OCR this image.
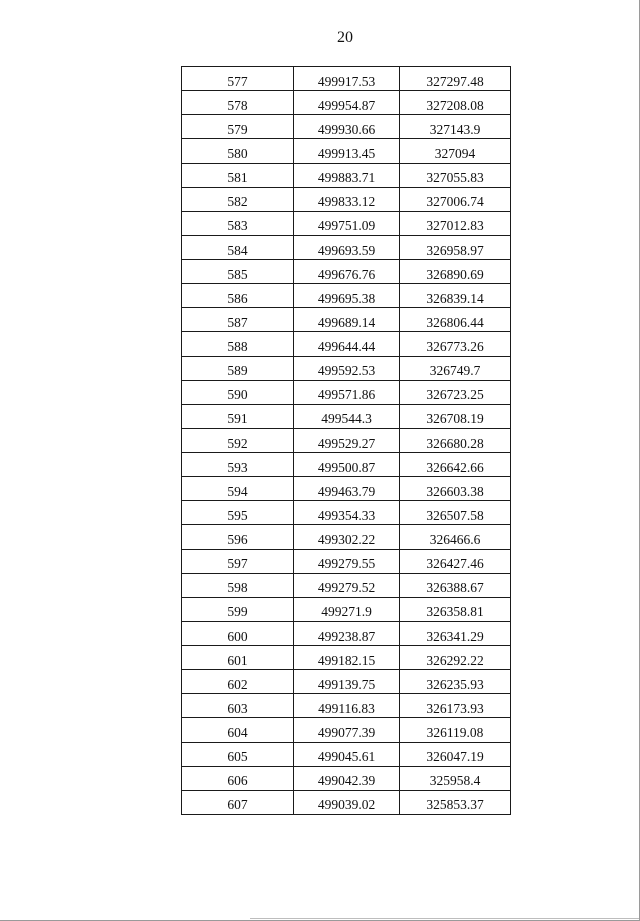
20
577	499917.53	327297.48
578	499954.87	327208.08
579	499930.66	327143.9
580	499913.45	327094
581	499883.71	327055.83
582	499833.12	327006.74
583	499751.09	327012.83
584	499693.59	326958.97
585	499676.76	326890.69
586	499695.38	326839.14
587	499689.14	326806.44
588	499644.44	326773.26
589	499592.53	326749.7
590	499571.86	326723.25
591	499544.3	326708.19
592	499529.27	326680.28
593	499500.87	326642.66
594	499463.79	326603.38
595	499354.33	326507.58
596	499302.22	326466.6
597	499279.55	326427.46
598	499279.52	326388.67
599	499271.9	326358.81
600	499238.87	326341.29
601	499182.15	326292.22
602	499139.75	326235.93
603	499116.83	326173.93
604	499077.39	326119.08
605	499045.61	326047.19
606	499042.39	325958.4
607	499039.02	325853.37
